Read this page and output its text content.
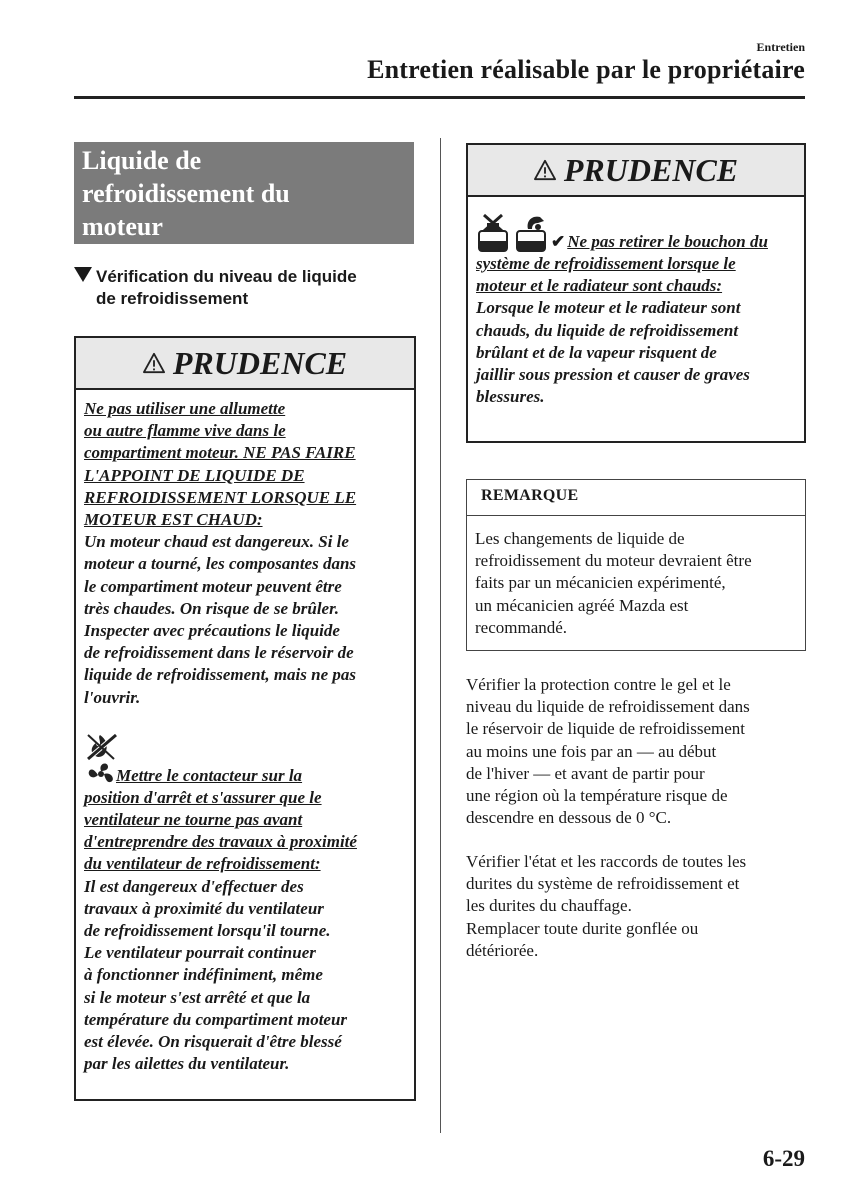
Entretien
Entretien réalisable par le propriétaire
Liquide de
refroidissement du
moteur
Vérification du niveau de liquide
de refroidissement
PRUDENCE
Ne pas utiliser une allumette
ou autre flamme vive dans le
compartiment moteur. NE PAS FAIRE
L'APPOINT DE LIQUIDE DE
REFROIDISSEMENT LORSQUE LE
MOTEUR EST CHAUD:
Un moteur chaud est dangereux. Si le
moteur a tourné, les composantes dans
le compartiment moteur peuvent être
très chaudes. On risque de se brûler.
Inspecter avec précautions le liquide
de refroidissement dans le réservoir de
liquide de refroidissement, mais ne pas
l'ouvrir.
Mettre le contacteur sur la
position d'arrêt et s'assurer que le
ventilateur ne tourne pas avant
d'entreprendre des travaux à proximité
du ventilateur de refroidissement:
Il est dangereux d'effectuer des
travaux à proximité du ventilateur
de refroidissement lorsqu'il tourne.
Le ventilateur pourrait continuer
à fonctionner indéfiniment, même
si le moteur s'est arrêté et que la
température du compartiment moteur
est élevée. On risquerait d'être blessé
par les ailettes du ventilateur.
PRUDENCE
✔ Ne pas retirer le bouchon du
système de refroidissement lorsque le
moteur et le radiateur sont chauds:
Lorsque le moteur et le radiateur sont
chauds, du liquide de refroidissement
brûlant et de la vapeur risquent de
jaillir sous pression et causer de graves
blessures.
REMARQUE
Les changements de liquide de
refroidissement du moteur devraient être
faits par un mécanicien expérimenté,
un mécanicien agréé Mazda est
recommandé.
Vérifier la protection contre le gel et le
niveau du liquide de refroidissement dans
le réservoir de liquide de refroidissement
au moins une fois par an — au début
de l'hiver — et avant de partir pour
une région où la température risque de
descendre en dessous de 0 °C.
Vérifier l'état et les raccords de toutes les
durites du système de refroidissement et
les durites du chauffage.
Remplacer toute durite gonflée ou
détériorée.
6-29
